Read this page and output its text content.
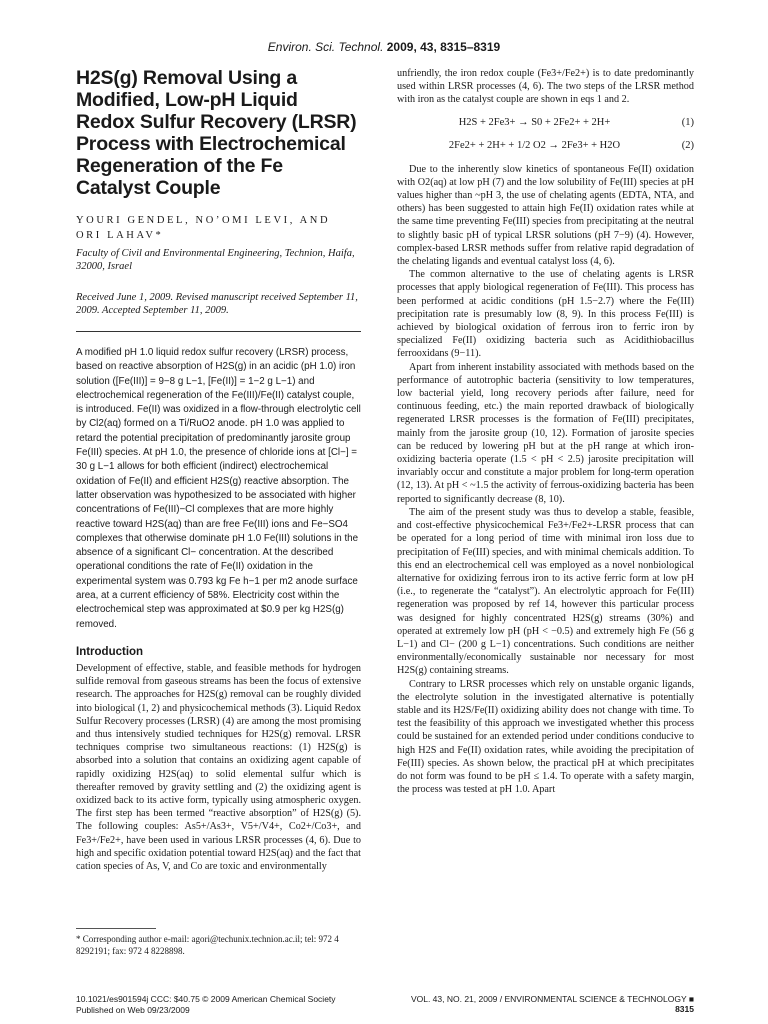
Environ. Sci. Technol. 2009, 43, 8315–8319
H2S(g) Removal Using a Modified, Low-pH Liquid Redox Sulfur Recovery (LRSR) Process with Electrochemical Regeneration of the Fe Catalyst Couple

YOURI GENDEL, NO’OMI LEVI, AND ORI LAHAV*

Faculty of Civil and Environmental Engineering, Technion, Haifa, 32000, Israel

Received June 1, 2009. Revised manuscript received September 11, 2009. Accepted September 11, 2009.

A modified pH 1.0 liquid redox sulfur recovery (LRSR) process, based on reactive absorption of H2S(g) in an acidic (pH 1.0) iron solution ([Fe(III)] = 9−8 g L−1, [Fe(II)] = 1−2 g L−1) and electrochemical regeneration of the Fe(III)/Fe(II) catalyst couple, is introduced. Fe(II) was oxidized in a flow-through electrolytic cell by Cl2(aq) formed on a Ti/RuO2 anode. pH 1.0 was applied to retard the potential precipitation of predominantly jarosite group Fe(III) species. At pH 1.0, the presence of chloride ions at [Cl−] = 30 g L−1 allows for both efficient (indirect) electrochemical oxidation of Fe(II) and efficient H2S(g) reactive absorption. The latter observation was hypothesized to be associated with higher concentrations of Fe(III)−Cl complexes that are more highly reactive toward H2S(aq) than are free Fe(III) ions and Fe−SO4 complexes that otherwise dominate pH 1.0 Fe(III) solutions in the absence of a significant Cl− concentration. At the described operational conditions the rate of Fe(II) oxidation in the experimental system was 0.793 kg Fe h−1 per m2 anode surface area, at a current efficiency of 58%. Electricity cost within the electrochemical step was approximated at $0.9 per kg H2S(g) removed.

Introduction

Development of effective, stable, and feasible methods for hydrogen sulfide removal from gaseous streams has been the focus of extensive research. The approaches for H2S(g) removal can be roughly divided into biological (1, 2) and physicochemical methods (3). Liquid Redox Sulfur Recovery processes (LRSR) (4) are among the most promising and thus intensively studied techniques for H2S(g) removal. LRSR techniques comprise two simultaneous reactions: (1) H2S(g) is absorbed into a solution that contains an oxidizing agent capable of rapidly oxidizing H2S(aq) to solid elemental sulfur which is thereafter removed by gravity settling and (2) the oxidizing agent is oxidized back to its active form, typically using atmospheric oxygen. The first step has been termed “reactive absorption” of H2S(g) (5). The following couples: As5+/As3+, V5+/V4+, Co2+/Co3+, and Fe3+/Fe2+, have been used in various LRSR processes (4, 6). Due to high and specific oxidation potential toward H2S(aq) and the fact that cation species of As, V, and Co are toxic and environmentally

unfriendly, the iron redox couple (Fe3+/Fe2+) is to date predominantly used within LRSR processes (4, 6). The two steps of the LRSR method with iron as the catalyst couple are shown in eqs 1 and 2.

H2S + 2Fe3+ → S0 + 2Fe2+ + 2H+	(1)
2Fe2+ + 2H+ + 1/2 O2 → 2Fe3+ + H2O	(2)

Due to the inherently slow kinetics of spontaneous Fe(II) oxidation with O2(aq) at low pH (7) and the low solubility of Fe(III) species at pH values higher than ~pH 3, the use of chelating agents (EDTA, NTA, and others) has been suggested to attain high Fe(II) oxidation rates while at the same time preventing Fe(III) species from precipitating at the neutral to slightly basic pH of typical LRSR solutions (pH 7−9) (4). However, complex-based LRSR methods suffer from relative rapid degradation of the chelating ligands and eventual catalyst loss (4, 6).

The common alternative to the use of chelating agents is LRSR processes that apply biological regeneration of Fe(III). This process has been performed at acidic conditions (pH 1.5−2.7) where the Fe(III) precipitation rate is presumably low (8, 9). In this process Fe(III) is achieved by biological oxidation of ferrous iron to ferric iron by specialized Fe(II) oxidizing bacteria such as Acidithiobacillus ferrooxidans (9−11).

Apart from inherent instability associated with methods based on the performance of autotrophic bacteria (sensitivity to low temperatures, low bacterial yield, long recovery periods after failure, need for continuous feeding, etc.) the main reported drawback of biologically regenerated LRSR processes is the formation of Fe(III) precipitates, mainly from the jarosite group (10, 12). Formation of jarosite species can be reduced by lowering pH but at the pH range at which iron-oxidizing bacteria operate (1.5 < pH < 2.5) jarosite precipitation will invariably occur and constitute a major problem for long-term operation (12, 13). At pH < ~1.5 the activity of ferrous-oxidizing bacteria has been reported to significantly decrease (8, 10).

The aim of the present study was thus to develop a stable, feasible, and cost-effective physicochemical Fe3+/Fe2+-LRSR process that can be operated for a long period of time with minimal iron loss due to precipitation of Fe(III) species, and with minimal chemicals addition. To this end an electrochemical cell was employed as a novel nonbiological alternative for oxidizing ferrous iron to its active ferric form at low pH (i.e., to regenerate the “catalyst”). An electrolytic approach for Fe(III) regeneration was proposed by ref 14, however this particular process was designed for highly concentrated H2S(g) streams (30%) and operated at extremely low pH (pH < −0.5) and extremely high Fe (56 g L−1) and Cl− (200 g L−1) concentrations. Such conditions are neither environmentally/economically sustainable nor necessary for most H2S(g) containing streams.

Contrary to LRSR processes which rely on unstable organic ligands, the electrolyte solution in the investigated alternative is potentially stable and its H2S/Fe(II) oxidizing ability does not change with time. To test the feasibility of this approach we investigated whether this process could be sustained for an extended period under conditions conducive to high H2S and Fe(II) oxidation rates, while avoiding the precipitation of Fe(III) species. As shown below, the practical pH at which precipitates do not form was found to be pH ≤ 1.4. To operate with a safety margin, the process was tested at pH 1.0. Apart

* Corresponding author e-mail: agori@techunix.technion.ac.il; tel: 972 4 8292191; fax: 972 4 8228898.
10.1021/es901594j CCC: $40.75 © 2009 American Chemical Society
Published on Web 09/23/2009
VOL. 43, NO. 21, 2009 / ENVIRONMENTAL SCIENCE & TECHNOLOGY ■ 8315
